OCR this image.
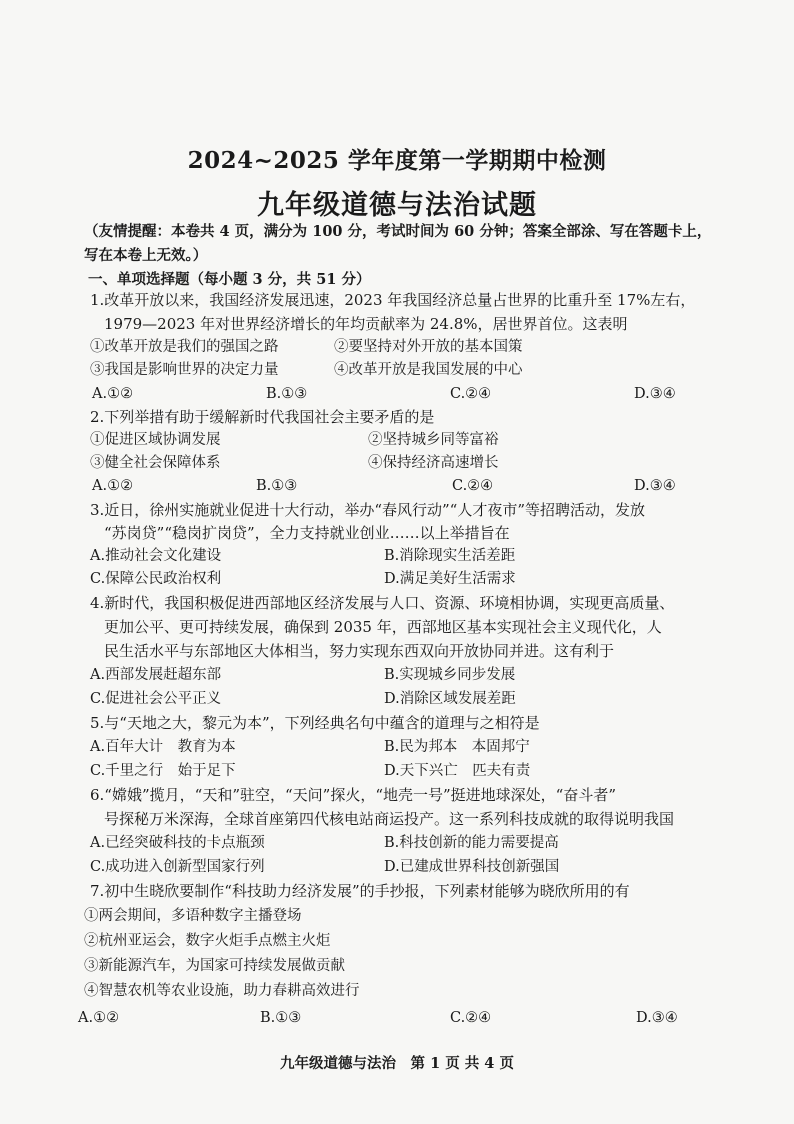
2024~2025 学年度第一学期期中检测
九年级道德与法治试题
（友情提醒：本卷共 4 页，满分为 100 分，考试时间为 60 分钟；答案全部涂、写在答题卡上，写在本卷上无效。）
一、单项选择题（每小题 3 分，共 51 分）
1.改革开放以来，我国经济发展迅速，2023 年我国经济总量占世界的比重升至 17%左右，
1979—2023 年对世界经济增长的年均贡献率为 24.8%，居世界首位。这表明
①改革开放是我们的强国之路	②要坚持对外开放的基本国策
③我国是影响世界的决定力量	④改革开放是我国发展的中心
A.①②	B.①③	C.②④	D.③④
2.下列举措有助于缓解新时代我国社会主要矛盾的是
①促进区域协调发展	②坚持城乡同等富裕
③健全社会保障体系	④保持经济高速增长
A.①②	B.①③	C.②④	D.③④
3.近日，徐州实施就业促进十大行动，举办“春风行动”“人才夜市”等招聘活动，发放
“苏岗贷”“稳岗扩岗贷”，全力支持就业创业……以上举措旨在
A.推动社会文化建设	B.消除现实生活差距
C.保障公民政治权利	D.满足美好生活需求
4.新时代，我国积极促进西部地区经济发展与人口、资源、环境相协调，实现更高质量、
更加公平、更可持续发展，确保到 2035 年，西部地区基本实现社会主义现代化，人
民生活水平与东部地区大体相当，努力实现东西双向开放协同并进。这有利于
A.西部发展赶超东部	B.实现城乡同步发展
C.促进社会公平正义	D.消除区域发展差距
5.与“天地之大，黎元为本”，下列经典名句中蕴含的道理与之相符是
A.百年大计　教育为本	B.民为邦本　本固邦宁
C.千里之行　始于足下	D.天下兴亡　匹夫有责
6.“嫦娥”揽月，“天和”驻空，“天问”探火，“地壳一号”挺进地球深处，“奋斗者”
号探秘万米深海，全球首座第四代核电站商运投产。这一系列科技成就的取得说明我国
A.已经突破科技的卡点瓶颈	B.科技创新的能力需要提高
C.成功进入创新型国家行列	D.已建成世界科技创新强国
7.初中生晓欣要制作“科技助力经济发展”的手抄报，下列素材能够为晓欣所用的有
①两会期间，多语种数字主播登场
②杭州亚运会，数字火炬手点燃主火炬
③新能源汽车，为国家可持续发展做贡献
④智慧农机等农业设施，助力春耕高效进行
A.①②	B.①③	C.②④	D.③④
九年级道德与法治　第 1 页 共 4 页
